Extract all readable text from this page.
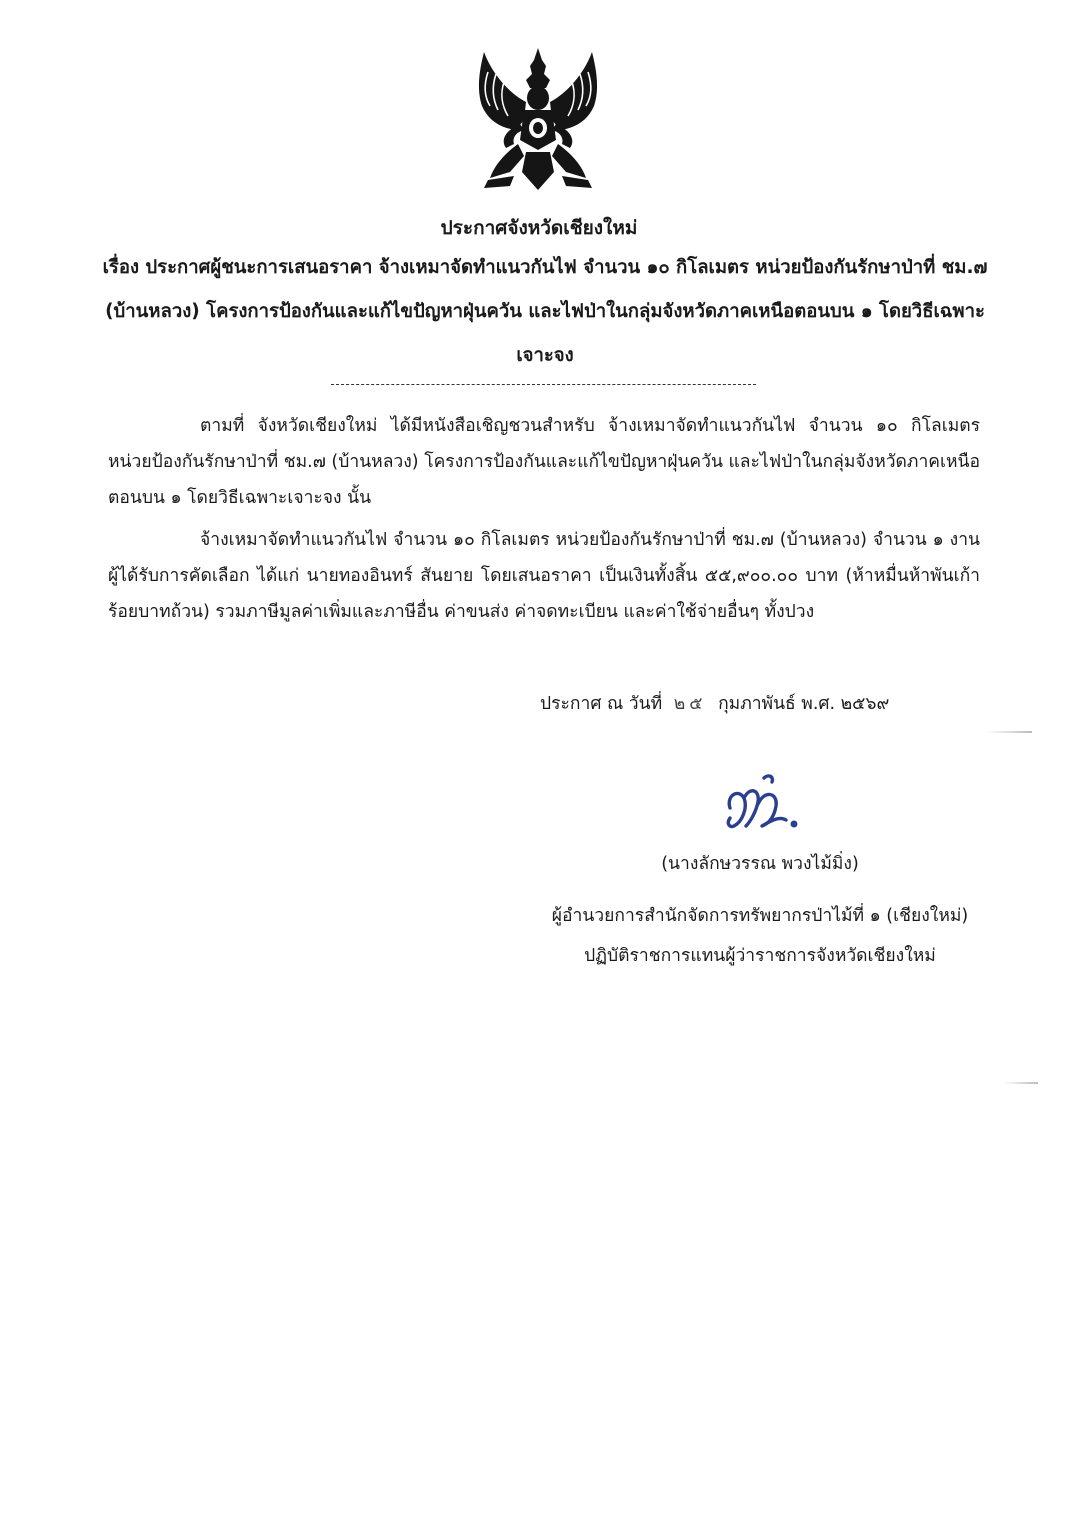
ประกาศจังหวัดเชียงใหม่
เรื่อง ประกาศผู้ชนะการเสนอราคา จ้างเหมาจัดทำแนวกันไฟ จำนวน ๑๐ กิโลเมตร หน่วยป้องกันรักษาป่าที่ ชม.๗ (บ้านหลวง) โครงการป้องกันและแก้ไขปัญหาฝุ่นควัน และไฟป่าในกลุ่มจังหวัดภาคเหนือตอนบน ๑ โดยวิธีเฉพาะเจาะจง

ตามที่ จังหวัดเชียงใหม่ ได้มีหนังสือเชิญชวนสำหรับ จ้างเหมาจัดทำแนวกันไฟ จำนวน ๑๐ กิโลเมตร หน่วยป้องกันรักษาป่าที่ ชม.๗ (บ้านหลวง) โครงการป้องกันและแก้ไขปัญหาฝุ่นควัน และไฟป่าในกลุ่มจังหวัดภาคเหนือตอนบน ๑ โดยวิธีเฉพาะเจาะจง นั้น

จ้างเหมาจัดทำแนวกันไฟ จำนวน ๑๐ กิโลเมตร หน่วยป้องกันรักษาป่าที่ ชม.๗ (บ้านหลวง) จำนวน ๑ งาน ผู้ได้รับการคัดเลือก ได้แก่ นายทองอินทร์ สันยาย โดยเสนอราคา เป็นเงินทั้งสิ้น ๕๕,๙๐๐.๐๐ บาท (ห้าหมื่นห้าพันเก้าร้อยบาทถ้วน) รวมภาษีมูลค่าเพิ่มและภาษีอื่น ค่าขนส่ง ค่าจดทะเบียน และค่าใช้จ่ายอื่นๆ ทั้งปวง

ประกาศ ณ วันที่ ๒๕ กุมภาพันธ์ พ.ศ. ๒๕๖๙
(นางลักษวรรณ พวงไม้มิ่ง)
ผู้อำนวยการสำนักจัดการทรัพยากรป่าไม้ที่ ๑ (เชียงใหม่)
ปฏิบัติราชการแทนผู้ว่าราชการจังหวัดเชียงใหม่
